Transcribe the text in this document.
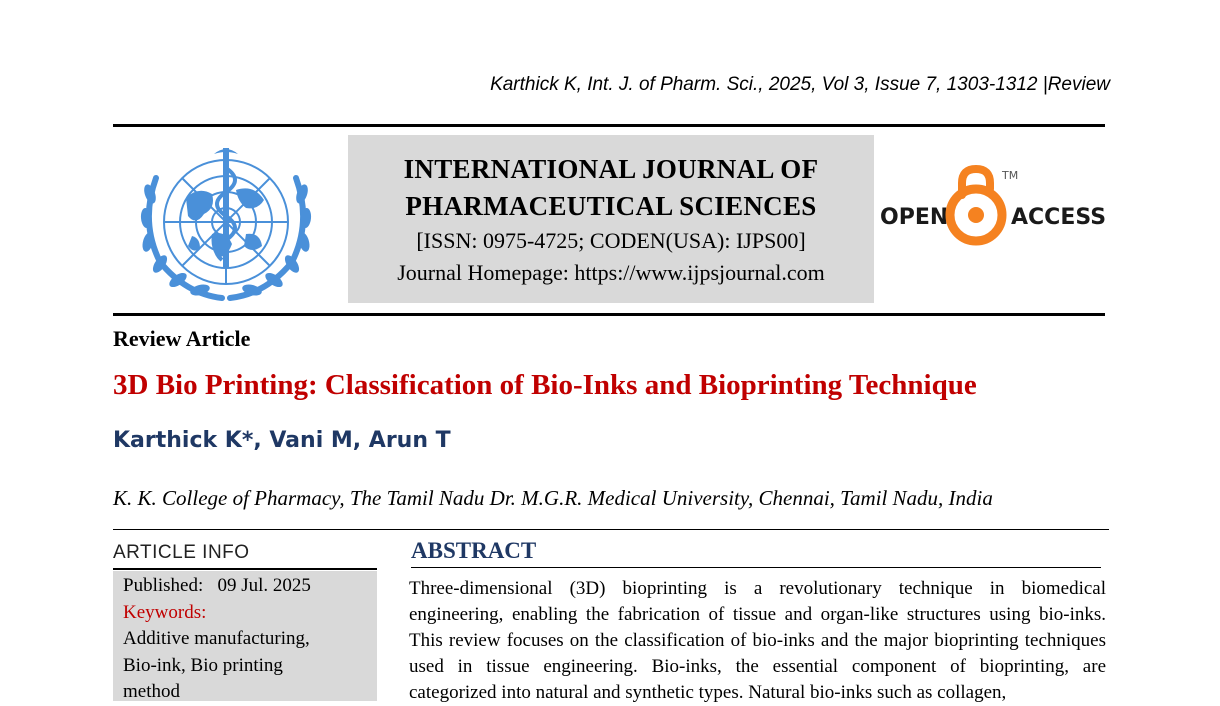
Karthick K, Int. J. of Pharm. Sci., 2025, Vol 3, Issue 7, 1303-1312 |Review
INTERNATIONAL JOURNAL OF
PHARMACEUTICAL SCIENCES
[ISSN: 0975-4725; CODEN(USA): IJPS00]
Journal Homepage: https://www.ijpsjournal.com
OPEN
TM
ACCESS
Review Article
3D Bio Printing: Classification of Bio-Inks and Bioprinting Technique
Karthick K*, Vani M, Arun T
K. K. College of Pharmacy, The Tamil Nadu Dr. M.G.R. Medical University, Chennai, Tamil Nadu, India
ARTICLE INFO
Published: 09 Jul. 2025
Keywords:
Additive manufacturing,
Bio-ink, Bio printing
method
ABSTRACT
Three-dimensional (3D) bioprinting is a revolutionary technique in biomedical engineering, enabling the fabrication of tissue and organ-like structures using bio-inks. This review focuses on the classification of bio-inks and the major bioprinting techniques used in tissue engineering. Bio-inks, the essential component of bioprinting, are categorized into natural and synthetic types. Natural bio-inks such as collagen,
